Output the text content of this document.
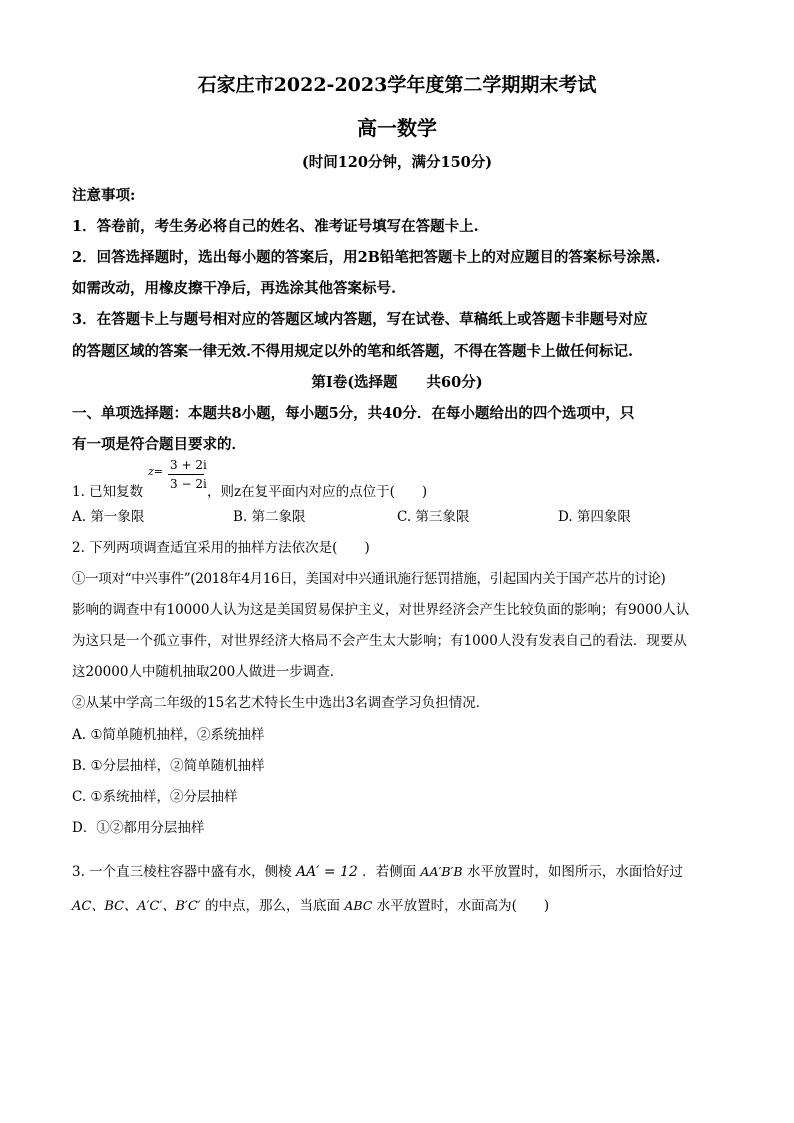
石家庄市2022-2023学年度第二学期期末考试
高一数学
(时间120分钟，满分150分)
注意事项:
1．答卷前，考生务必将自己的姓名、准考证号填写在答题卡上.
2．回答选择题时，选出每小题的答案后，用2B铅笔把答题卡上的对应题目的答案标号涂黑.
如需改动，用橡皮擦干净后，再选涂其他答案标号.
3．在答题卡上与题号相对应的答题区域内答题，写在试卷、草稿纸上或答题卡非题号对应
的答题区域的答案一律无效.不得用规定以外的笔和纸答题，不得在答题卡上做任何标记.
第Ⅰ卷(选择题　　共60分)
一、单项选择题：本题共8小题，每小题5分，共40分．在每小题给出的四个选项中，只
有一项是符合题目要求的．
1. 已知复数
z= 3 + 2i
3 − 2i ，则z在复平面内对应的点位于(　　)
A. 第一象限	B. 第二象限	C. 第三象限	D. 第四象限
2. 下列两项调查适宜采用的抽样方法依次是(　　)
①一项对“中兴事件”(2018年4月16日，美国对中兴通讯施行惩罚措施，引起国内关于国产芯片的讨论)
影响的调查中有10000人认为这是美国贸易保护主义，对世界经济会产生比较负面的影响；有9000人认
为这只是一个孤立事件，对世界经济大格局不会产生太大影响；有1000人没有发表自己的看法．现要从
这20000人中随机抽取200人做进一步调查．
②从某中学高二年级的15名艺术特长生中选出3名调查学习负担情况．
A. ①简单随机抽样，②系统抽样
B. ①分层抽样，②简单随机抽样
C. ①系统抽样，②分层抽样
D．①②都用分层抽样
3. 一个直三棱柱容器中盛有水，侧棱 AA′ = 12 ．若侧面 AA′B′B 水平放置时，如图所示，水面恰好过
AC、BC、A′C′、B′C′ 的中点，那么，当底面 ABC 水平放置时，水面高为(　　)
